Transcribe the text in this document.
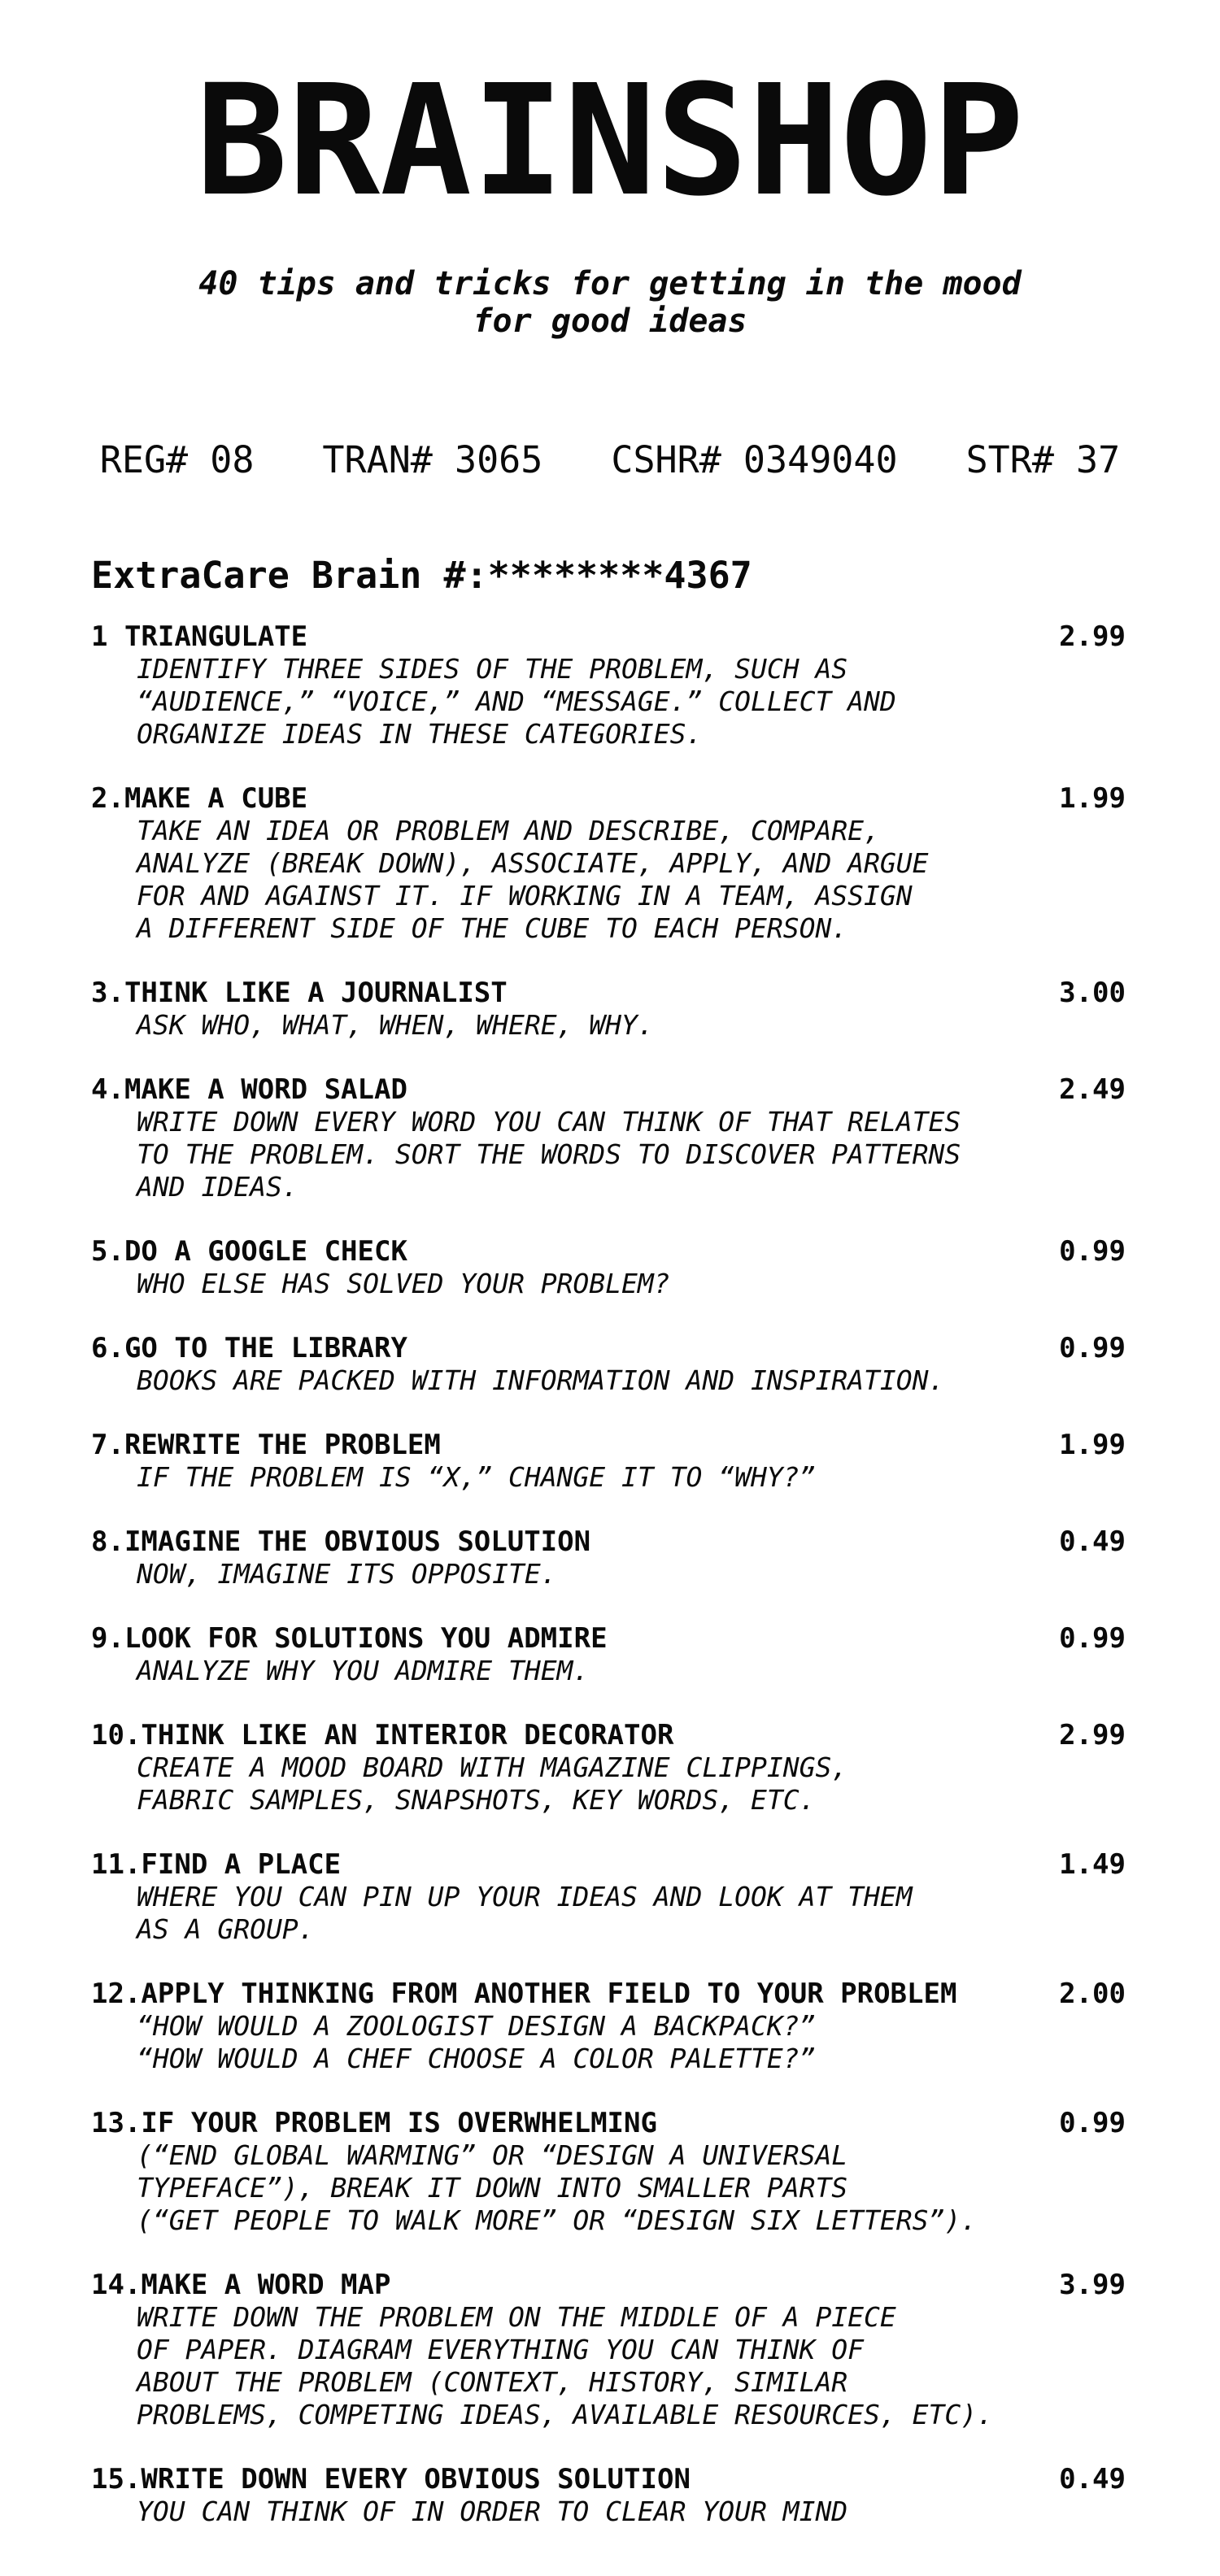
BRAINSHOP
40 tips and tricks for getting in the mood
for good ideas
REG# 08 TRAN# 3065 CSHR# 0349040 STR# 37
ExtraCare Brain #:********4367
1 TRIANGULATE	2.99
IDENTIFY THREE SIDES OF THE PROBLEM, SUCH AS
“AUDIENCE,” “VOICE,” AND “MESSAGE.” COLLECT AND
ORGANIZE IDEAS IN THESE CATEGORIES.
2.MAKE A CUBE	1.99
TAKE AN IDEA OR PROBLEM AND DESCRIBE, COMPARE,
ANALYZE (BREAK DOWN), ASSOCIATE, APPLY, AND ARGUE
FOR AND AGAINST IT. IF WORKING IN A TEAM, ASSIGN
A DIFFERENT SIDE OF THE CUBE TO EACH PERSON.
3.THINK LIKE A JOURNALIST	3.00
ASK WHO, WHAT, WHEN, WHERE, WHY.
4.MAKE A WORD SALAD	2.49
WRITE DOWN EVERY WORD YOU CAN THINK OF THAT RELATES
TO THE PROBLEM. SORT THE WORDS TO DISCOVER PATTERNS
AND IDEAS.
5.DO A GOOGLE CHECK	0.99
WHO ELSE HAS SOLVED YOUR PROBLEM?
6.GO TO THE LIBRARY	0.99
BOOKS ARE PACKED WITH INFORMATION AND INSPIRATION.
7.REWRITE THE PROBLEM	1.99
IF THE PROBLEM IS “X,” CHANGE IT TO “WHY?”
8.IMAGINE THE OBVIOUS SOLUTION	0.49
NOW, IMAGINE ITS OPPOSITE.
9.LOOK FOR SOLUTIONS YOU ADMIRE	0.99
ANALYZE WHY YOU ADMIRE THEM.
10.THINK LIKE AN INTERIOR DECORATOR	2.99
CREATE A MOOD BOARD WITH MAGAZINE CLIPPINGS,
FABRIC SAMPLES, SNAPSHOTS, KEY WORDS, ETC.
11.FIND A PLACE	1.49
WHERE YOU CAN PIN UP YOUR IDEAS AND LOOK AT THEM
AS A GROUP.
12.APPLY THINKING FROM ANOTHER FIELD TO YOUR PROBLEM	2.00
“HOW WOULD A ZOOLOGIST DESIGN A BACKPACK?”
“HOW WOULD A CHEF CHOOSE A COLOR PALETTE?”
13.IF YOUR PROBLEM IS OVERWHELMING	0.99
(“END GLOBAL WARMING” OR “DESIGN A UNIVERSAL
TYPEFACE”), BREAK IT DOWN INTO SMALLER PARTS
(“GET PEOPLE TO WALK MORE” OR “DESIGN SIX LETTERS”).
14.MAKE A WORD MAP	3.99
WRITE DOWN THE PROBLEM ON THE MIDDLE OF A PIECE
OF PAPER. DIAGRAM EVERYTHING YOU CAN THINK OF
ABOUT THE PROBLEM (CONTEXT, HISTORY, SIMILAR
PROBLEMS, COMPETING IDEAS, AVAILABLE RESOURCES, ETC).
15.WRITE DOWN EVERY OBVIOUS SOLUTION	0.49
YOU CAN THINK OF IN ORDER TO CLEAR YOUR MIND
